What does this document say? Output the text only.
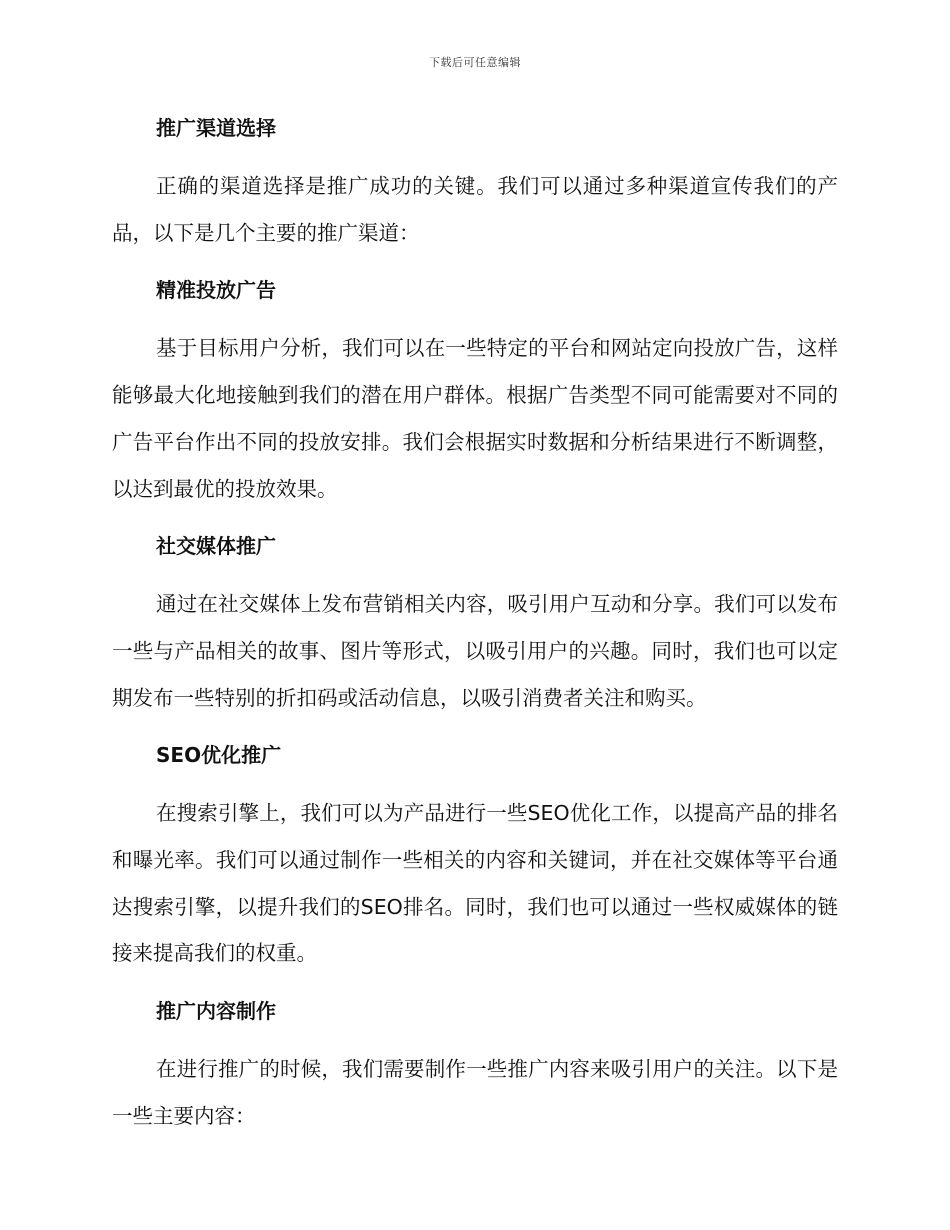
下载后可任意编辑
推广渠道选择

正确的渠道选择是推广成功的关键。我们可以通过多种渠道宣传我们的产品，以下是几个主要的推广渠道：

精准投放广告

基于目标用户分析，我们可以在一些特定的平台和网站定向投放广告，这样能够最大化地接触到我们的潜在用户群体。根据广告类型不同可能需要对不同的广告平台作出不同的投放安排。我们会根据实时数据和分析结果进行不断调整，以达到最优的投放效果。

社交媒体推广

通过在社交媒体上发布营销相关内容，吸引用户互动和分享。我们可以发布一些与产品相关的故事、图片等形式，以吸引用户的兴趣。同时，我们也可以定期发布一些特别的折扣码或活动信息，以吸引消费者关注和购买。

SEO优化推广

在搜索引擎上，我们可以为产品进行一些SEO优化工作，以提高产品的排名和曝光率。我们可以通过制作一些相关的内容和关键词，并在社交媒体等平台通达搜索引擎，以提升我们的SEO排名。同时，我们也可以通过一些权威媒体的链接来提高我们的权重。

推广内容制作

在进行推广的时候，我们需要制作一些推广内容来吸引用户的关注。以下是一些主要内容：
